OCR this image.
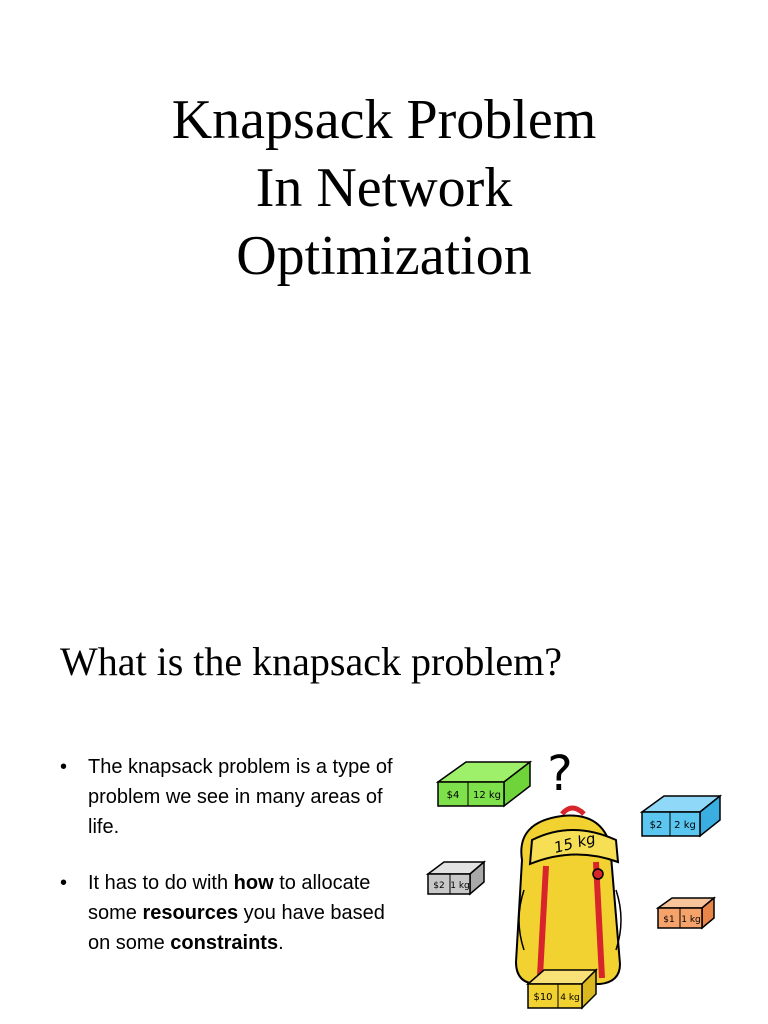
Knapsack Problem
In Network
Optimization
What is the knapsack problem?
• The knapsack problem is a type of problem we see in many areas of life.
• It has to do with how to allocate some resources you have based on some constraints.
?
15 kg
$4 12 kg
$2 2 kg
$2 1 kg
$1 1 kg
$10 4 kg
